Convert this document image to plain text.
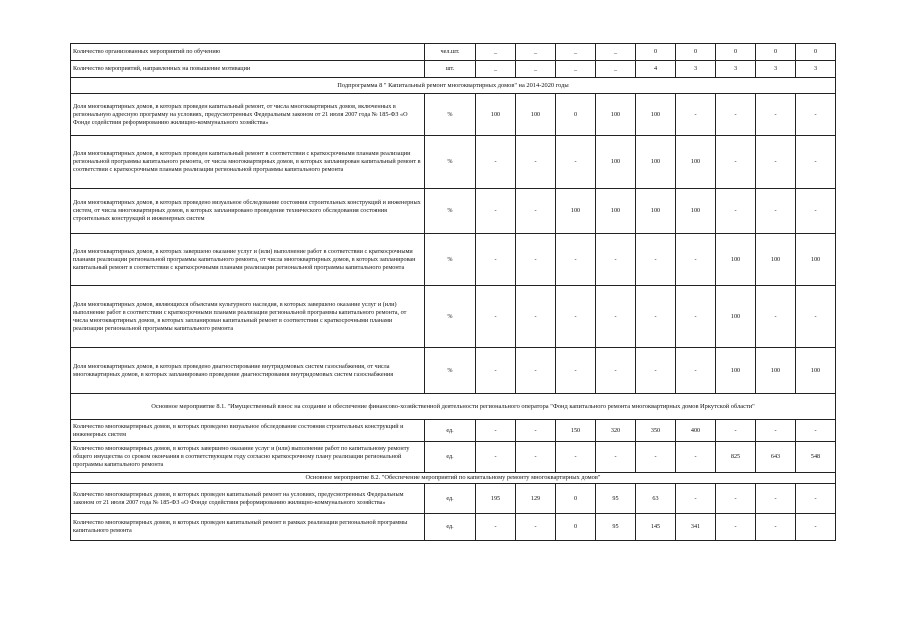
Количество организованных мероприятий по обучению	чел.шт.	_	_	_	_	0	0	0	0	0
Количество мероприятий, направленных на повышение мотивации	шт.	_	_	_	_	4	3	3	3	3
Подпрограмма 8 " Капитальный ремонт многоквартирных домов" на 2014-2020 годы										
Доля многоквартирных домов, в которых проведен капитальный ремонт, от числа многоквартирных домов, включенных в региональную адресную программу на условиях, предусмотренных Федеральным законом от 21 июля 2007 года № 185-ФЗ «О Фонде содействия реформированию жилищно-коммунального хозяйства»	%	100	100	0	100	100	-	-	-	-
Доля многоквартирных домов, в которых проведен капитальный ремонт в соответствии с краткосрочными планами реализации региональной программы капитального ремонта, от числа многоквартирных домов, в которых запланирован капитальный ремонт в соответствии с краткосрочными планами реализации региональной программы капитального ремонта	%	-	-	-	100	100	100	-	-	-
Доля многоквартирных домов, в которых проведено визуальное обследование состояния строительных конструкций и инженерных систем, от числа многоквартирных домов, в которых запланировано проведение технического обследования состояния строительных конструкций и инженерных систем	%	-	-	100	100	100	100	-	-	-
Доля многоквартирных домов, в которых завершено оказание услуг и (или) выполнение работ в соответствии с краткосрочными планами реализации региональной программы капитального ремонта, от числа многоквартирных домов, в которых запланирован капитальный ремонт в соответствии с краткосрочными планами реализации региональной программы капитального ремонта	%	-	-	-	-	-	-	100	100	100
Доля многоквартирных домов, являющихся объектами культурного наследия, в которых завершено оказание услуг и (или) выполнение работ в соответствии с краткосрочными планами реализации региональной программы капитального ремонта, от числа многоквартирных домов, в которых запланирован капитальный ремонт в соответствии с краткосрочными планами реализации региональной программы капитального ремонта	%	-	-	-	-	-	-	100	-	-
Доля многоквартирных домов, в которых проведено диагностирование внутридомовых систем газоснабжения, от числа многоквартирных домов, в которых запланировано проведение диагностирования внутридомовых систем газоснабжения	%	-	-	-	-	-	-	100	100	100
Основное мероприятие 8.1. "Имущественный взнос на создание и обеспечение финансово-хозяйственной деятельности регионального оператора "Фонд капитального ремонта многоквартирных домов Иркутской области"										
Количество многоквартирных домов, в которых проведено визуальное обследование состояния строительных конструкций и инженерных систем	ед.	-	-	150	320	350	400	-	-	-
Количество многоквартирных домов, в которых завершено оказание услуг и (или) выполнение работ по капитальному ремонту общего имущества со сроком окончания в соответствующем году согласно краткосрочному плану реализации региональной программы капитального ремонта	ед.	-	-	-	-	-	-	825	643	548
Основное мероприятие 8.2. "Обеспечение мероприятий по капитальному ремонту многоквартирных домов"										
Количество многоквартирных домов, в которых проведен капитальный ремонт на условиях, предусмотренных Федеральным законом от 21 июля 2007 года № 185-ФЗ «О Фонде содействия реформированию жилищно-коммунального хозяйства»	ед.	195	129	0	95	63	-	-	-	-
Количество многоквартирных домов, в которых проведен капитальный ремонт в рамках реализации региональной программы капитального ремонта	ед.	-	-	0	95	145	341	-	-	-
